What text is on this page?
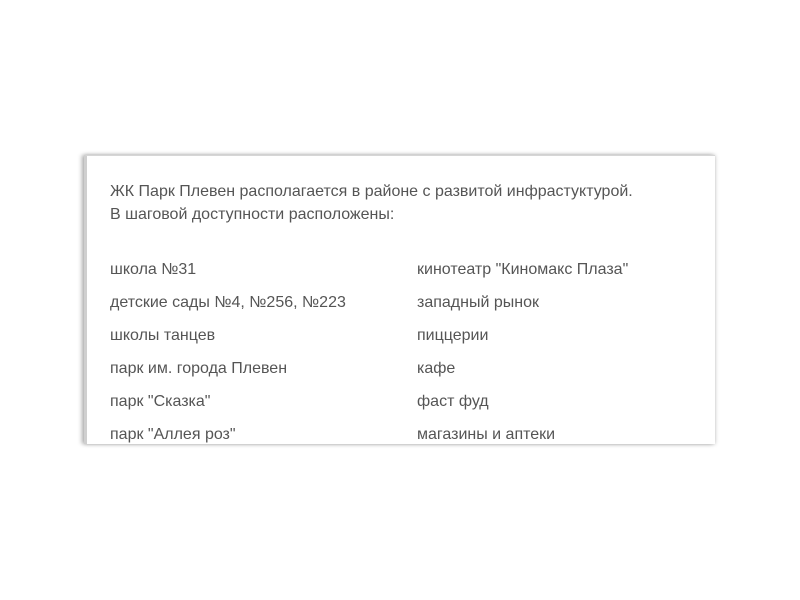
ЖК Парк Плевен располагается в районе с развитой инфрастуктурой.

В шаговой доступности расположены:

школа №31	кинотеатр "Киномакс Плаза"
детские сады №4, №256, №223	западный рынок
школы танцев	пиццерии
парк им. города Плевен	кафе
парк "Сказка"	фаст фуд
парк "Аллея роз"	магазины и аптеки
